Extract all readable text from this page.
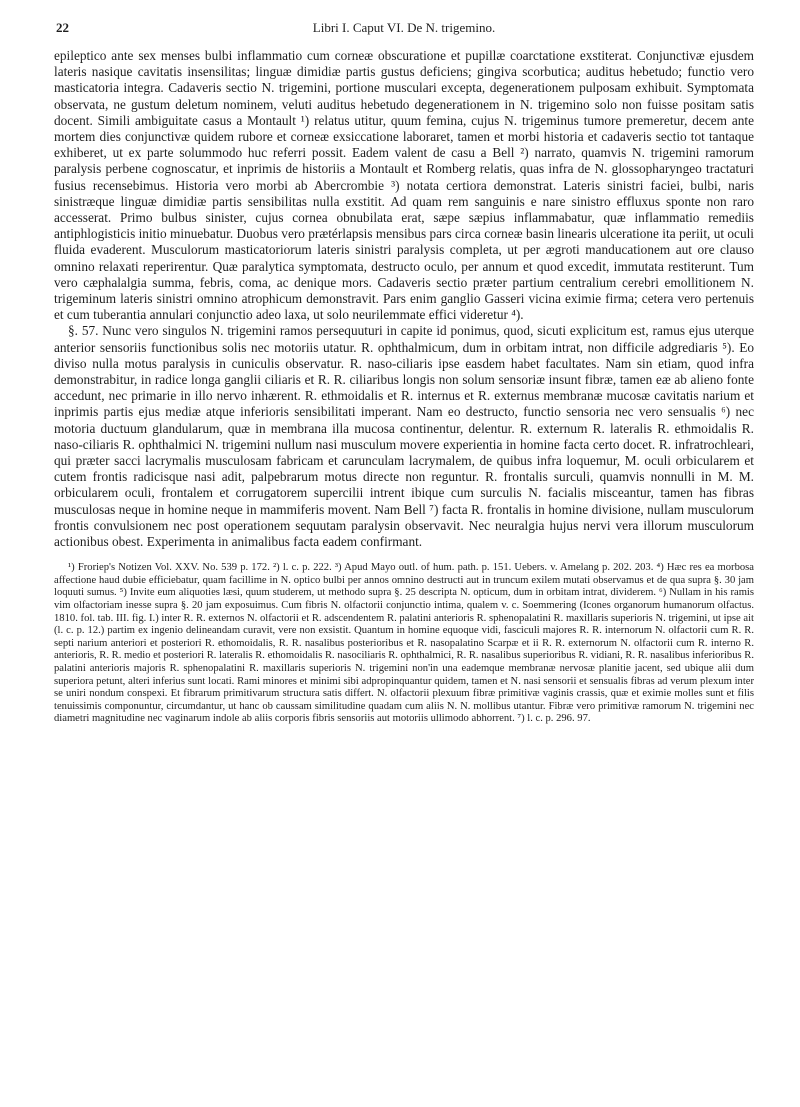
22	Libri I. Caput VI. De N. trigemino.

epileptico ante sex menses bulbi inflammatio cum corneæ obscuratione et pupillæ coarctatione exstiterat. Conjunctivæ ejusdem lateris nasique cavitatis insensilitas; linguæ dimidiæ partis gustus deficiens; gingiva scorbutica; auditus hebetudo; functio vero masticatoria integra. Cadaveris sectio N. trigemini, portione musculari excepta, degenerationem pulposam exhibuit. Symptomata observata, ne gustum deletum nominem, veluti auditus hebetudo degenerationem in N. trigemino solo non fuisse positam satis docent. Simili ambiguitate casus a Montault ¹) relatus utitur, quum femina, cujus N. trigeminus tumore premeretur, decem ante mortem dies conjunctivæ quidem rubore et corneæ exsiccatione laboraret, tamen et morbi historia et cadaveris sectio tot tantaque exhiberet, ut ex parte solummodo huc referri possit. Eadem valent de casu a Bell ²) narrato, quamvis N. trigemini ramorum paralysis perbene cognoscatur, et inprimis de historiis a Montault et Romberg relatis, quas infra de N. glossopharyngeo tractaturi fusius recensebimus. Historia vero morbi ab Abercrombie ³) notata certiora demonstrat. Lateris sinistri faciei, bulbi, naris sinistræque linguæ dimidiæ partis sensibilitas nulla exstitit. Ad quam rem sanguinis e nare sinistro effluxus sponte non raro accesserat. Primo bulbus sinister, cujus cornea obnubilata erat, sæpe sæpius inflammabatur, quæ inflammatio remediis antiphlogisticis initio minuebatur. Duobus vero prætérlapsis mensibus pars circa corneæ basin linearis ulceratione ita periit, ut oculi fluida evaderent. Musculorum masticatoriorum lateris sinistri paralysis completa, ut per ægroti manducationem aut ore clauso omnino relaxati reperirentur. Quæ paralytica symptomata, destructo oculo, per annum et quod excedit, immutata restiterunt. Tum vero cæphalalgia summa, febris, coma, ac denique mors. Cadaveris sectio præter partium centralium cerebri emollitionem N. trigeminum lateris sinistri omnino atrophicum demonstravit. Pars enim ganglio Gasseri vicina eximie firma; cetera vero pertenuis et cum tuberantia annulari conjunctio adeo laxa, ut solo neurilemmate effici videretur ⁴).

§. 57. Nunc vero singulos N. trigemini ramos persequuturi in capite id ponimus, quod, sicuti explicitum est, ramus ejus uterque anterior sensoriis functionibus solis nec motoriis utatur. R. ophthalmicum, dum in orbitam intrat, non difficile adgrediaris ⁵). Eo diviso nulla motus paralysis in cuniculis observatur. R. naso-ciliaris ipse easdem habet facultates. Nam sin etiam, quod infra demonstrabitur, in radice longa ganglii ciliaris et R. R. ciliaribus longis non solum sensoriæ insunt fibræ, tamen eæ ab alieno fonte accedunt, nec primarie in illo nervo inhærent. R. ethmoidalis et R. internus et R. externus membranæ mucosæ cavitatis narium et inprimis partis ejus mediæ atque inferioris sensibilitati imperant. Nam eo destructo, functio sensoria nec vero sensualis ⁶) nec motoria ductuum glandularum, quæ in membrana illa mucosa continentur, delentur. R. externum R. lateralis R. ethmoidalis R. naso-ciliaris R. ophthalmici N. trigemini nullum nasi musculum movere experientia in homine facta certo docet. R. infratrochleari, qui præter sacci lacrymalis musculosam fabricam et carunculam lacrymalem, de quibus infra loquemur, M. oculi orbicularem et cutem frontis radicisque nasi adit, palpebrarum motus directe non reguntur. R. frontalis surculi, quamvis nonnulli in M. M. orbicularem oculi, frontalem et corrugatorem supercilii intrent ibique cum surculis N. facialis misceantur, tamen has fibras musculosas neque in homine neque in mammiferis movent. Nam Bell ⁷) facta R. frontalis in homine divisione, nullam musculorum frontis convulsionem nec post operationem sequutam paralysin observavit. Nec neuralgia hujus nervi vera illorum musculorum actionibus obest. Experimenta in animalibus facta eadem confirmant.

¹) Froriep's Notizen Vol. XXV. No. 539 p. 172. ²) l. c. p. 222. ³) Apud Mayo outl. of hum. path. p. 151. Uebers. v. Amelang p. 202. 203. ⁴) Hæc res ea morbosa affectione haud dubie efficiebatur, quam facillime in N. optico bulbi per annos omnino destructi aut in truncum exilem mutati observamus et de qua supra §. 30 jam loquuti sumus. ⁵) Invite eum aliquoties læsi, quum studerem, ut methodo supra §. 25 descripta N. opticum, dum in orbitam intrat, dividerem. ⁶) Nullam in his ramis vim olfactoriam inesse supra §. 20 jam exposuimus. Cum fibris N. olfactorii conjunctio intima, qualem v. c. Soemmering (Icones organorum humanorum olfactus. 1810. fol. tab. III. fig. I.) inter R. R. externos N. olfactorii et R. adscendentem R. palatini anterioris R. sphenopalatini R. maxillaris superioris N. trigemini, ut ipse ait (l. c. p. 12.) partim ex ingenio delineandam curavit, vere non exsistit. Quantum in homine equoque vidi, fasciculi majores R. R. internorum N. olfactorii cum R. R. septi narium anteriori et posteriori R. ethomoidalis, R. R. nasalibus posterioribus et R. nasopalatino Scarpæ et ii R. R. externorum N. olfactorii cum R. interno R. anterioris, R. R. medio et posteriori R. lateralis R. ethomoidalis R. nasociliaris R. ophthalmici, R. R. nasalibus superioribus R. vidiani, R. R. nasalibus inferioribus R. palatini anterioris majoris R. sphenopalatini R. maxillaris superioris N. trigemini non'in una eademque membranæ nervosæ planitie jacent, sed ubique alii dum superiora petunt, alteri inferius sunt locati. Rami minores et minimi sibi adpropinquantur quidem, tamen et N. nasi sensorii et sensualis fibras ad verum plexum inter se uniri nondum conspexi. Et fibrarum primitivarum structura satis differt. N. olfactorii plexuum fibræ primitivæ vaginis crassis, quæ et eximie molles sunt et filis tenuissimis componuntur, circumdantur, ut hanc ob caussam similitudine quadam cum aliis N. N. mollibus utantur. Fibræ vero primitivæ ramorum N. trigemini nec diametri magnitudine nec vaginarum indole ab aliis corporis fibris sensoriis aut motoriis ullimodo abhorrent. ⁷) l. c. p. 296. 97.
